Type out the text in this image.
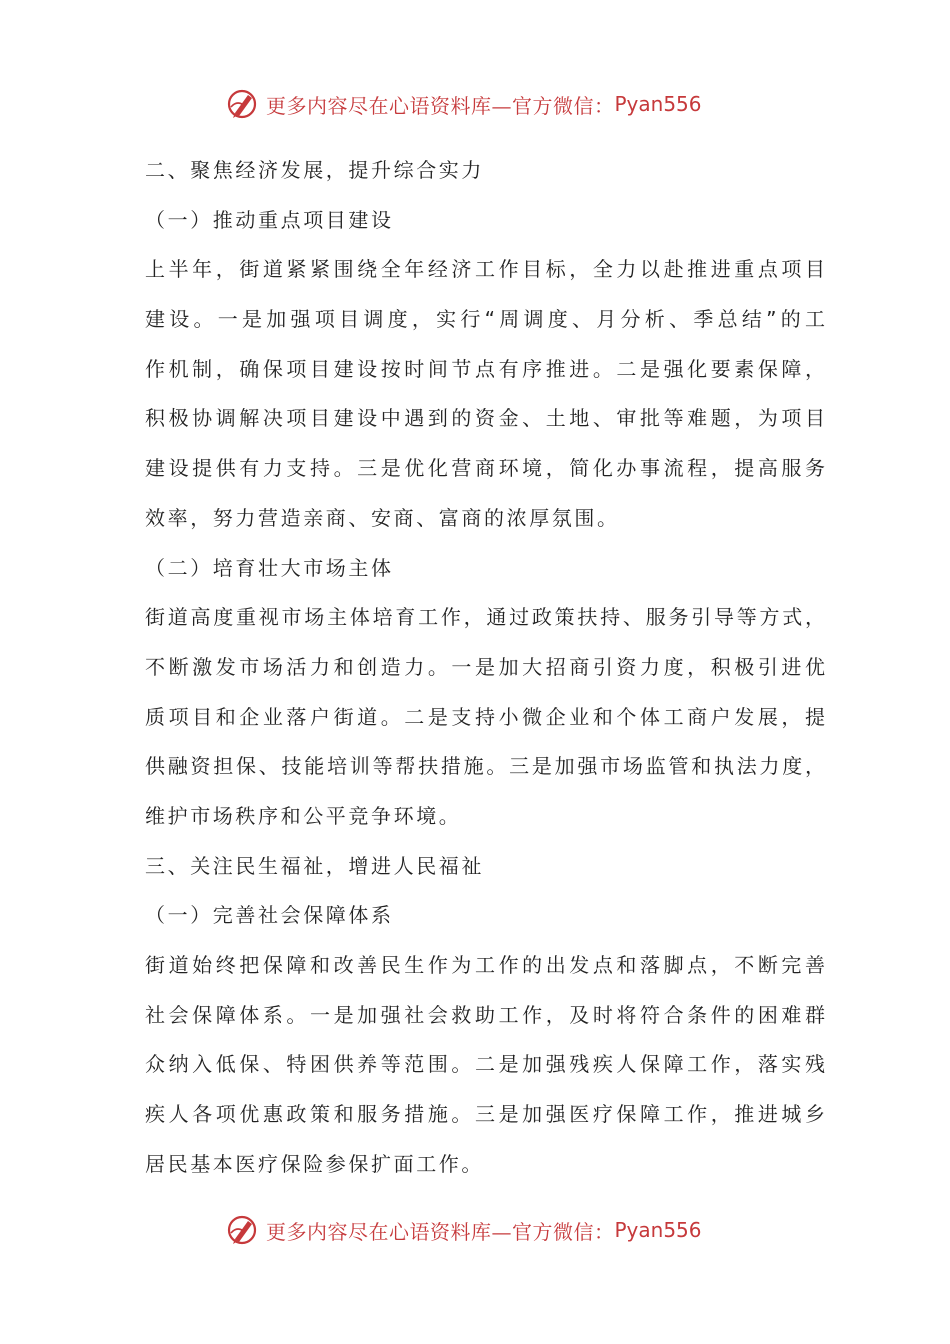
更多内容尽在心语资料库—官方微信： Pyan556
二、聚焦经济发展，提升综合实力
（一）推动重点项目建设
上半年，街道紧紧围绕全年经济工作目标，全力以赴推进重点项目
建设。一是加强项目调度，实行“周调度、月分析、季总结”的工
作机制，确保项目建设按时间节点有序推进。二是强化要素保障，
积极协调解决项目建设中遇到的资金、土地、审批等难题，为项目
建设提供有力支持。三是优化营商环境，简化办事流程，提高服务
效率，努力营造亲商、安商、富商的浓厚氛围。
（二）培育壮大市场主体
街道高度重视市场主体培育工作，通过政策扶持、服务引导等方式，
不断激发市场活力和创造力。一是加大招商引资力度，积极引进优
质项目和企业落户街道。二是支持小微企业和个体工商户发展，提
供融资担保、技能培训等帮扶措施。三是加强市场监管和执法力度，
维护市场秩序和公平竞争环境。
三、关注民生福祉，增进人民福祉
（一）完善社会保障体系
街道始终把保障和改善民生作为工作的出发点和落脚点，不断完善
社会保障体系。一是加强社会救助工作，及时将符合条件的困难群
众纳入低保、特困供养等范围。二是加强残疾人保障工作，落实残
疾人各项优惠政策和服务措施。三是加强医疗保障工作，推进城乡
居民基本医疗保险参保扩面工作。
更多内容尽在心语资料库—官方微信： Pyan556
